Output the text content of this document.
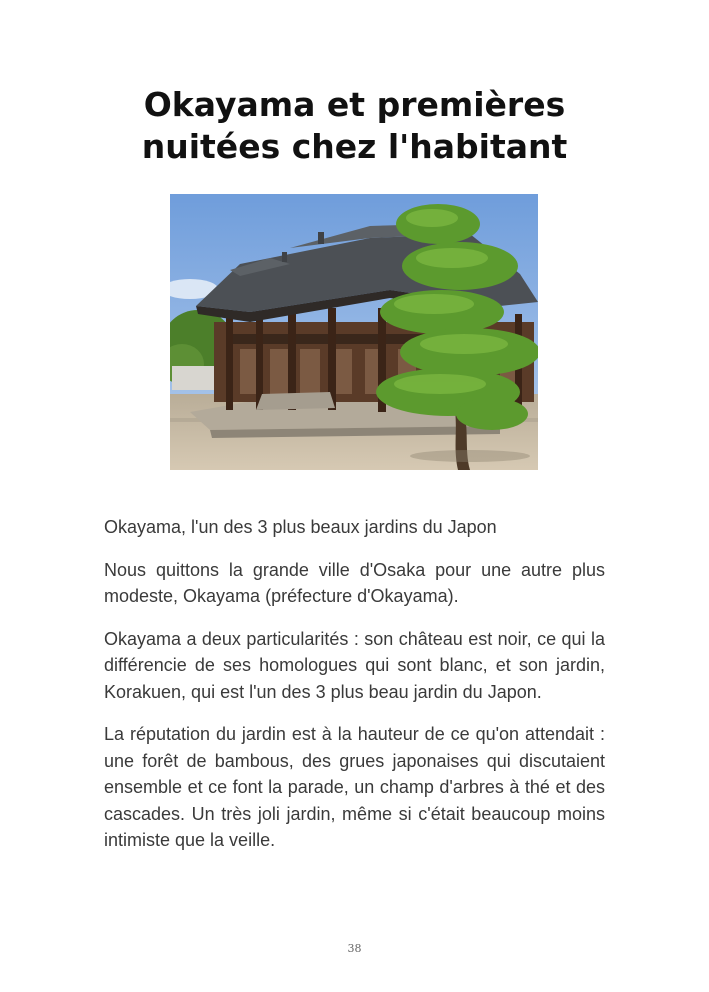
Okayama et premières
nuitées chez l'habitant

Okayama, l'un des 3 plus beaux jardins du Japon

Nous quittons la grande ville d'Osaka pour une autre plus modeste, Okayama (préfecture d'Okayama).

Okayama a deux particularités : son château est noir, ce qui la différencie de ses homologues qui sont blanc, et son jardin, Korakuen, qui est l'un des 3 plus beau jardin du Japon.

La réputation du jardin est à la hauteur de ce qu'on attendait : une forêt de bambous, des grues japonaises qui discutaient ensemble et ce font la parade, un champ d'arbres à thé et des cascades. Un très joli jardin, même si c'était beaucoup moins intimiste que la veille.

38
